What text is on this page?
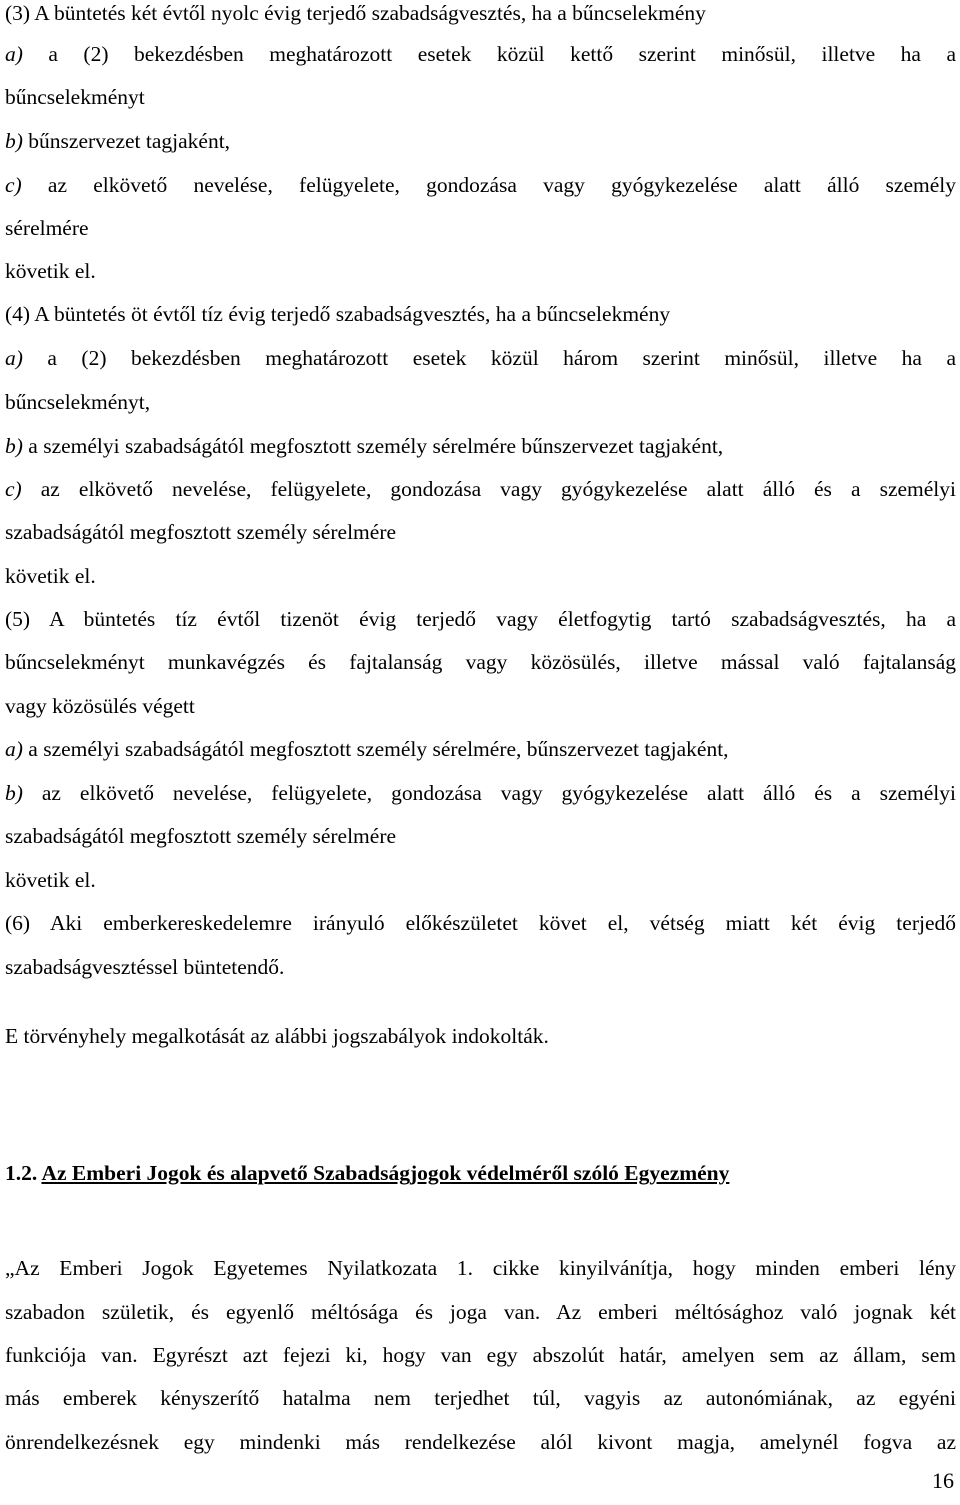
(3) A büntetés két évtől nyolc évig terjedő szabadságvesztés, ha a bűncselekmény
a) a (2) bekezdésben meghatározott esetek közül kettő szerint minősül, illetve ha a
bűncselekményt
b) bűnszervezet tagjaként,
c) az elkövető nevelése, felügyelete, gondozása vagy gyógykezelése alatt álló személy
sérelmére
követik el.
(4) A büntetés öt évtől tíz évig terjedő szabadságvesztés, ha a bűncselekmény
a) a (2) bekezdésben meghatározott esetek közül három szerint minősül, illetve ha a
bűncselekményt,
b) a személyi szabadságától megfosztott személy sérelmére bűnszervezet tagjaként,
c) az elkövető nevelése, felügyelete, gondozása vagy gyógykezelése alatt álló és a személyi
szabadságától megfosztott személy sérelmére
követik el.
(5) A büntetés tíz évtől tizenöt évig terjedő vagy életfogytig tartó szabadságvesztés, ha a
bűncselekményt munkavégzés és fajtalanság vagy közösülés, illetve mással való fajtalanság
vagy közösülés végett
a) a személyi szabadságától megfosztott személy sérelmére, bűnszervezet tagjaként,
b) az elkövető nevelése, felügyelete, gondozása vagy gyógykezelése alatt álló és a személyi
szabadságától megfosztott személy sérelmére
követik el.
(6) Aki emberkereskedelemre irányuló előkészületet követ el, vétség miatt két évig terjedő
szabadságvesztéssel büntetendő.
E törvényhely megalkotását az alábbi jogszabályok indokolták.
1.2. Az Emberi Jogok és alapvető Szabadságjogok védelméről szóló Egyezmény
„Az Emberi Jogok Egyetemes Nyilatkozata 1. cikke kinyilvánítja, hogy minden emberi lény
szabadon születik, és egyenlő méltósága és joga van. Az emberi méltósághoz való jognak két
funkciója van. Egyrészt azt fejezi ki, hogy van egy abszolút határ, amelyen sem az állam, sem
más emberek kényszerítő hatalma nem terjedhet túl, vagyis az autonómiának, az egyéni
önrendelkezésnek egy mindenki más rendelkezése alól kivont magja, amelynél fogva az
16
